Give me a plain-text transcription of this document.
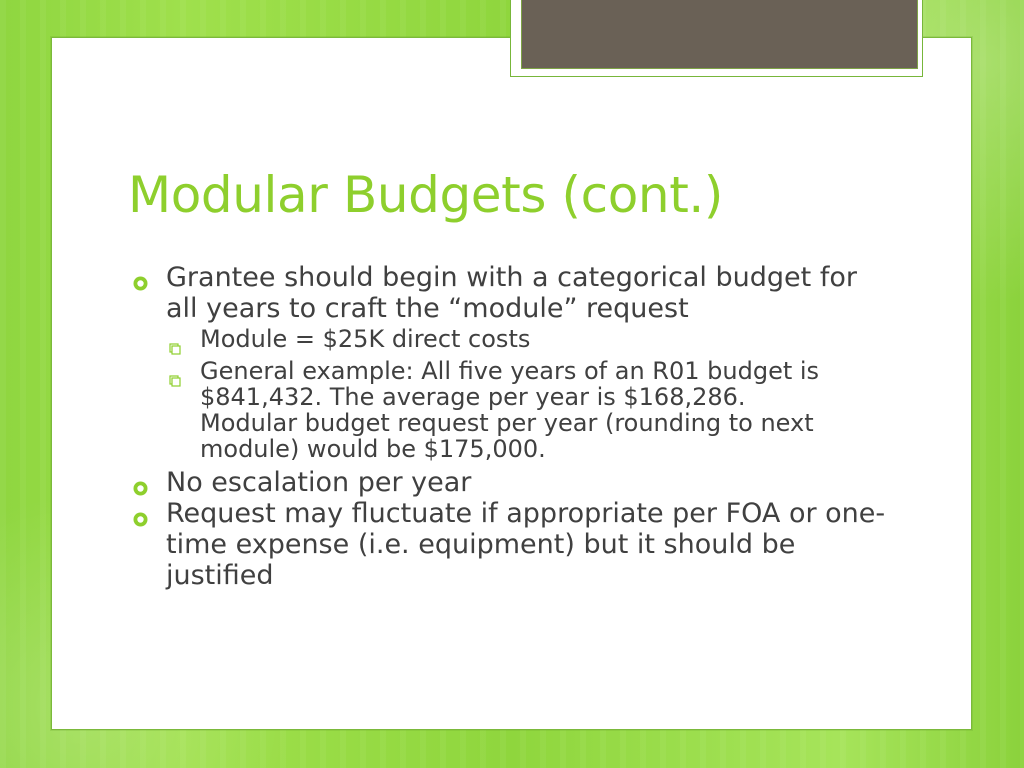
Modular Budgets (cont.)
Grantee should begin with a categorical budget for all years to craft the “module” request
Module = $25K direct costs
General example: All five years of an R01 budget is $841,432. The average per year is $168,286. Modular budget request per year (rounding to next module) would be $175,000.
No escalation per year
Request may fluctuate if appropriate per FOA or one-time expense (i.e. equipment) but it should be justified
